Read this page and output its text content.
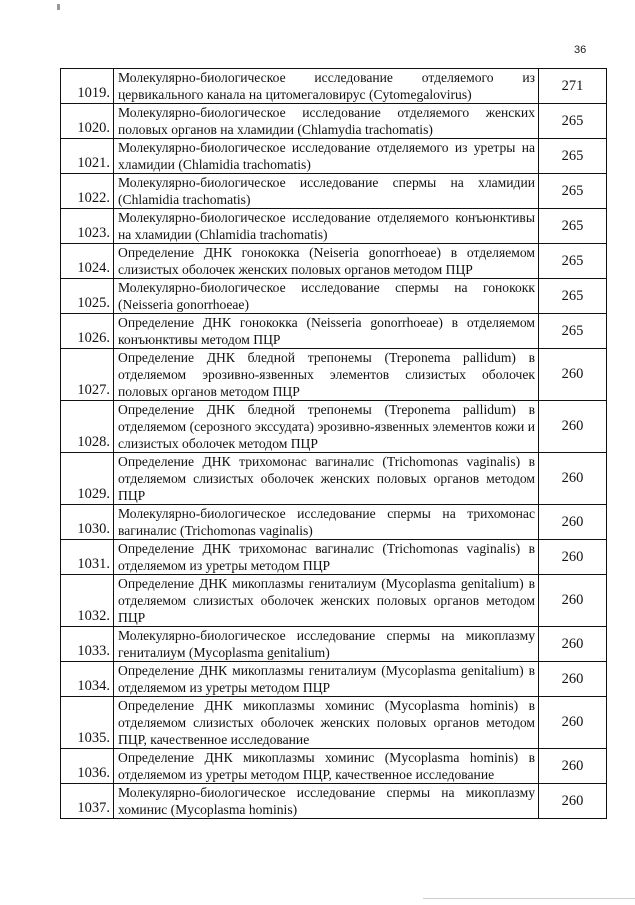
36
1019.	Молекулярно-биологическое исследование отделяемого из цервикального канала на цитомегаловирус (Cytomegalovirus)	271
1020.	Молекулярно-биологическое исследование отделяемого женских половых органов на хламидии (Chlamydia trachomatis)	265
1021.	Молекулярно-биологическое исследование отделяемого из уретры на хламидии (Chlamidia trachomatis)	265
1022.	Молекулярно-биологическое исследование спермы на хламидии (Chlamidia trachomatis)	265
1023.	Молекулярно-биологическое исследование отделяемого конъюнктивы на хламидии (Chlamidia trachomatis)	265
1024.	Определение ДНК гонококка (Neiseria gonorrhoeae) в отделяемом слизистых оболочек женских половых органов методом ПЦР	265
1025.	Молекулярно-биологическое исследование спермы на гонококк (Neisseria gonorrhoeae)	265
1026.	Определение ДНК гонококка (Neisseria gonorrhoeae) в отделяемом конъюнктивы методом ПЦР	265
1027.	Определение ДНК бледной трепонемы (Treponema pallidum) в отделяемом эрозивно-язвенных элементов слизистых оболочек половых органов методом ПЦР	260
1028.	Определение ДНК бледной трепонемы (Treponema pallidum) в отделяемом (серозного экссудата) эрозивно-язвенных элементов кожи и слизистых оболочек методом ПЦР	260
1029.	Определение ДНК трихомонас вагиналис (Trichomonas vaginalis) в отделяемом слизистых оболочек женских половых органов методом ПЦР	260
1030.	Молекулярно-биологическое исследование спермы на трихомонас вагиналис (Trichomonas vaginalis)	260
1031.	Определение ДНК трихомонас вагиналис (Trichomonas vaginalis) в отделяемом из уретры методом ПЦР	260
1032.	Определение ДНК микоплазмы гениталиум (Mycoplasma genitalium) в отделяемом слизистых оболочек женских половых органов методом ПЦР	260
1033.	Молекулярно-биологическое исследование спермы на микоплазму гениталиум (Mycoplasma genitalium)	260
1034.	Определение ДНК микоплазмы гениталиум (Mycoplasma genitalium) в отделяемом из уретры методом ПЦР	260
1035.	Определение ДНК микоплазмы хоминис (Mycoplasma hominis) в отделяемом слизистых оболочек женских половых органов методом ПЦР, качественное исследование	260
1036.	Определение ДНК микоплазмы хоминис (Mycoplasma hominis) в отделяемом из уретры методом ПЦР, качественное исследование	260
1037.	Молекулярно-биологическое исследование спермы на микоплазму хоминис (Mycoplasma hominis)	260
